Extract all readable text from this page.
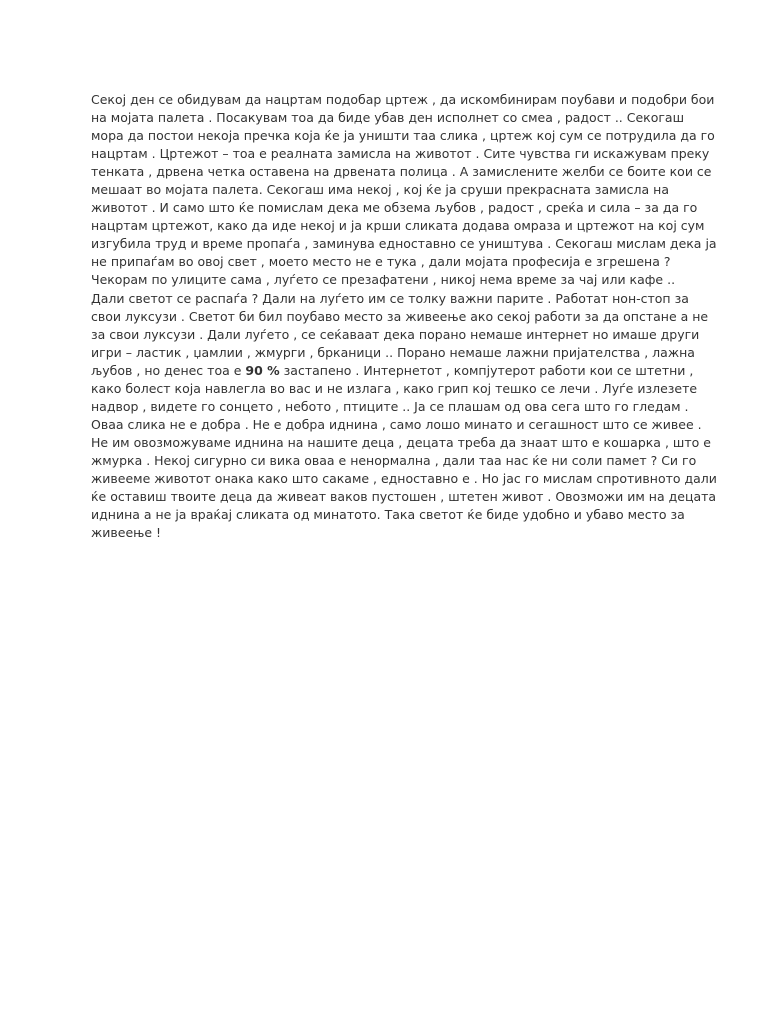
Секој ден се обидувам да нацртам подобар цртеж , да искомбинирам поубави и подобри бои
на мојата палета . Посакувам тоа да биде убав ден исполнет со смеа , радост .. Секогаш
мора да постои некоја пречка која ќе ја уништи таа слика , цртеж кој сум се потрудила да го
нацртам . Цртежот – тоа е реалната замисла на животот . Сите чувства ги искажувам преку
тенката , дрвена четка оставена на дрвената полица . А замислените желби се боите кои се
мешаат во мојата палета. Секогаш има некој , кој ќе ја сруши прекрасната замисла на
животот . И само што ќе помислам дека ме обзема љубов , радост , среќа и сила – за да го
нацртам цртежот, како да иде некој и ја крши сликата додава омраза и цртежот на кој сум
изгубила труд и време пропаѓа , заминува едноставно се уништува . Секогаш мислам дека ја
не припаѓам во овој свет , моето место не е тука , дали мојата професија е згрешена ?
Чекорам по улиците сама , луѓето се презафатени , никој нема време за чај или кафе ..
Дали светот се распаѓа ? Дали на луѓето им се толку важни парите . Работат нон-стоп за
свои луксузи . Светот би бил поубаво место за живеење ако секој работи за да опстане а не
за свои луксузи . Дали луѓето , се сеќаваат дека порано немаше интернет но имаше други
игри – ластик , џамлии , жмурги , брканици .. Порано немаше лажни пријателства , лажна
љубов , но денес тоа е 90 % застапено . Интернетот , компјутерот работи кои се штетни ,
како болест која навлегла во вас и не излага , како грип кој тешко се лечи . Луѓе излезете
надвор , видете го сонцето , небото , птиците .. Ја се плашам од ова сега што го гледам .
Оваа слика не е добра . Не е добра иднина , само лошо минато и сегашност што се живее .
Не им овозможуваме иднина на нашите деца , децата треба да знаат што е кошарка , што е
жмурка . Некој сигурно си вика оваа е ненормална , дали таа нас ќе ни соли памет ? Си го
живееме животот онака како што сакаме , едноставно е . Но јас го мислам спротивното дали
ќе оставиш твоите деца да живеат ваков пустошен , штетен живот . Овозможи им на децата
иднина а не ја враќај сликата од минатото. Така светот ќе биде удобно и убаво место за
живеење !
